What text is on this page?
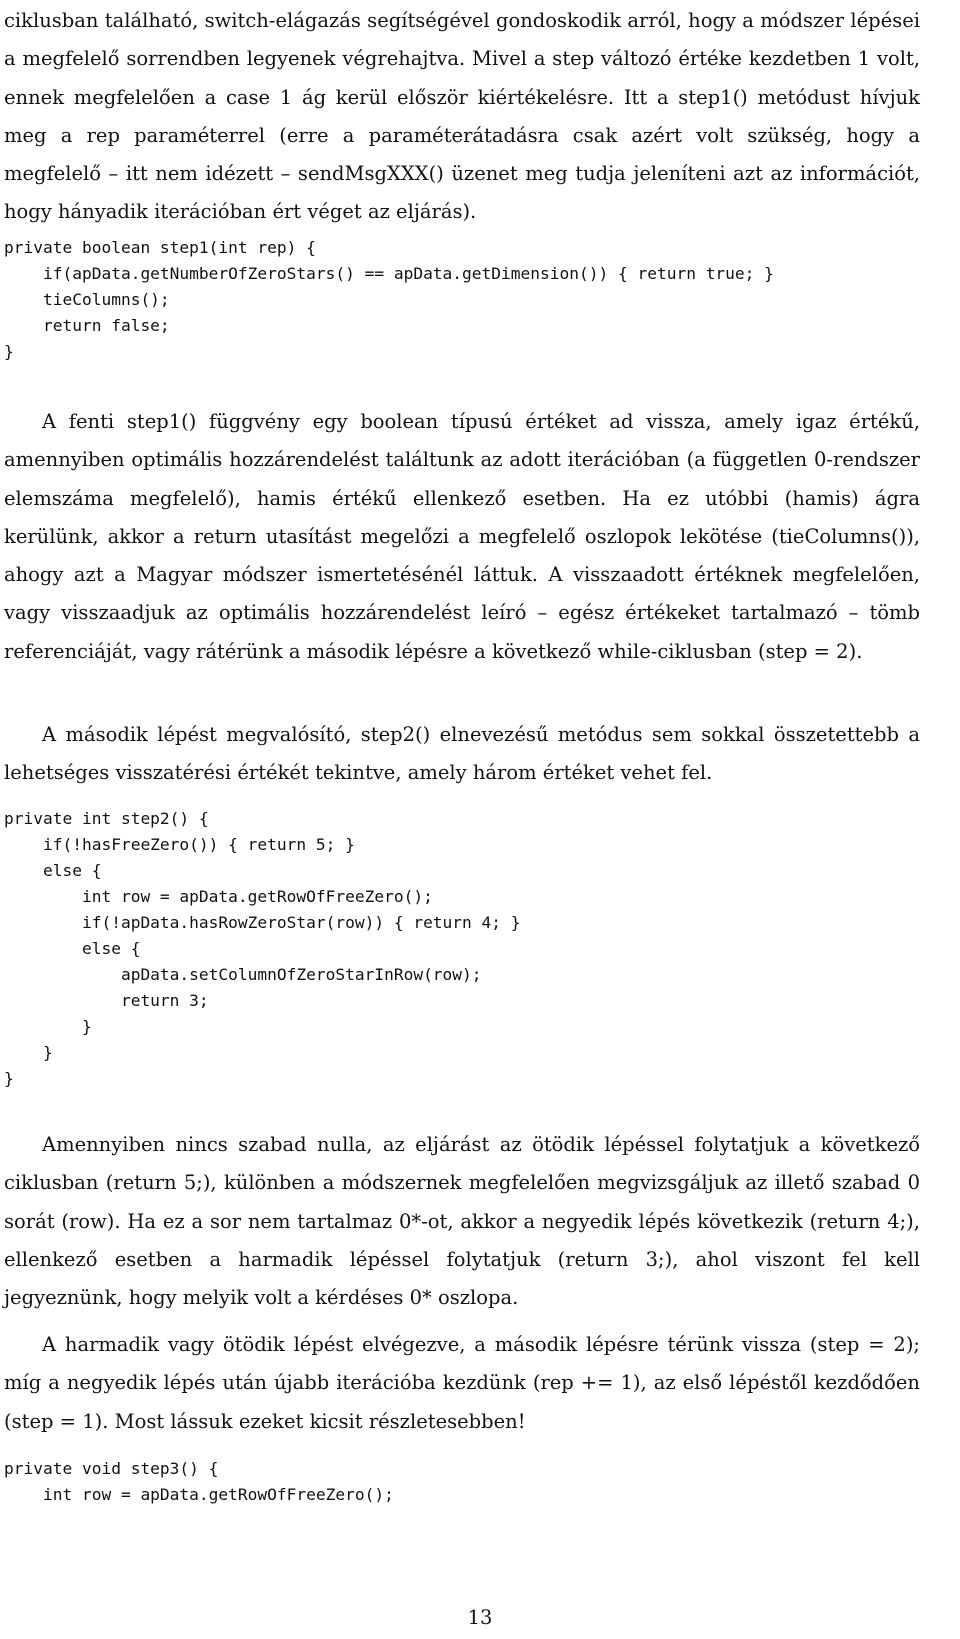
ciklusban található, switch-elágazás segítségével gondoskodik arról, hogy a módszer lépései a megfelelő sorrendben legyenek végrehajtva. Mivel a step változó értéke kezdetben 1 volt, ennek megfelelően a case 1 ág kerül először kiértékelésre. Itt a step1() metódust hívjuk meg a rep paraméterrel (erre a paraméterátadásra csak azért volt szükség, hogy a megfelelő – itt nem idézett – sendMsgXXX() üzenet meg tudja jeleníteni azt az információt, hogy hányadik iterációban ért véget az eljárás).

private boolean step1(int rep) {
if(apData.getNumberOfZeroStars() == apData.getDimension()) { return true; }
tieColumns();
return false;
}

A fenti step1() függvény egy boolean típusú értéket ad vissza, amely igaz értékű, amennyiben optimális hozzárendelést találtunk az adott iterációban (a független 0-rendszer elemszáma megfelelő), hamis értékű ellenkező esetben. Ha ez utóbbi (hamis) ágra kerülünk, akkor a return utasítást megelőzi a megfelelő oszlopok lekötése (tieColumns()), ahogy azt a Magyar módszer ismertetésénél láttuk. A visszaadott értéknek megfelelően, vagy visszaadjuk az optimális hozzárendelést leíró – egész értékeket tartalmazó – tömb referenciáját, vagy rátérünk a második lépésre a következő while-ciklusban (step = 2).

A második lépést megvalósító, step2() elnevezésű metódus sem sokkal összetettebb a lehetséges visszatérési értékét tekintve, amely három értéket vehet fel.

private int step2() {
if(!hasFreeZero()) { return 5; }
else {
int row = apData.getRowOfFreeZero();
if(!apData.hasRowZeroStar(row)) { return 4; }
else {
apData.setColumnOfZeroStarInRow(row);
return 3;
}
}
}

Amennyiben nincs szabad nulla, az eljárást az ötödik lépéssel folytatjuk a következő ciklusban (return 5;), különben a módszernek megfelelően megvizsgáljuk az illető szabad 0 sorát (row). Ha ez a sor nem tartalmaz 0*-ot, akkor a negyedik lépés következik (return 4;), ellenkező esetben a harmadik lépéssel folytatjuk (return 3;), ahol viszont fel kell jegyeznünk, hogy melyik volt a kérdéses 0* oszlopa.

A harmadik vagy ötödik lépést elvégezve, a második lépésre térünk vissza (step = 2); míg a negyedik lépés után újabb iterációba kezdünk (rep += 1), az első lépéstől kezdődően (step = 1). Most lássuk ezeket kicsit részletesebben!

private void step3() {
int row = apData.getRowOfFreeZero();
13
